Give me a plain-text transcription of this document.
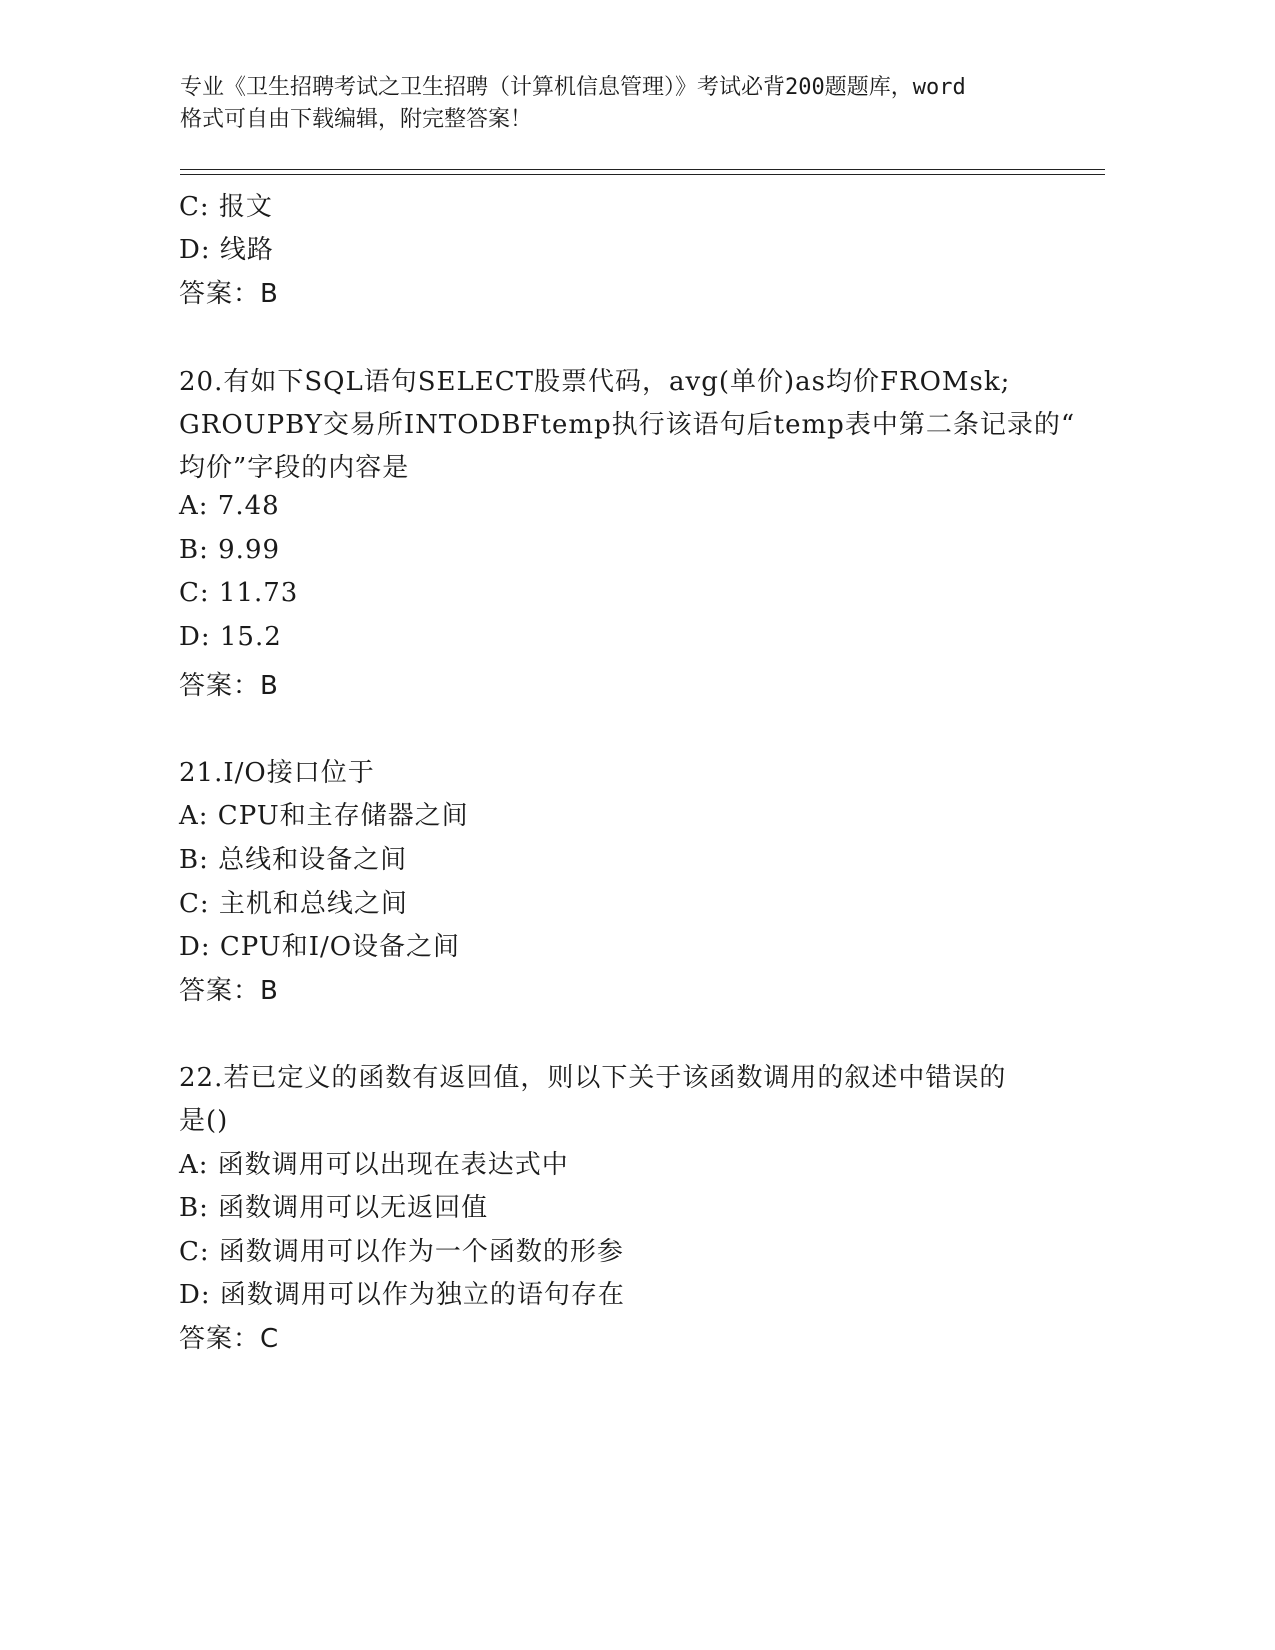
专业《卫生招聘考试之卫生招聘（计算机信息管理）》考试必背200题题库，word
格式可自由下载编辑，附完整答案！
C: 报文
D: 线路
答案：B
20.有如下SQL语句SELECT股票代码，avg(单价)as均价FROMsk;
GROUPBY交易所INTODBFtemp执行该语句后temp表中第二条记录的“
均价”字段的内容是
A: 7.48
B: 9.99
C: 11.73
D: 15.2
答案：B
21.I/O接口位于
A: CPU和主存储器之间
B: 总线和设备之间
C: 主机和总线之间
D: CPU和I/O设备之间
答案：B
22.若已定义的函数有返回值，则以下关于该函数调用的叙述中错误的
是()
A: 函数调用可以出现在表达式中
B: 函数调用可以无返回值
C: 函数调用可以作为一个函数的形参
D: 函数调用可以作为独立的语句存在
答案：C
